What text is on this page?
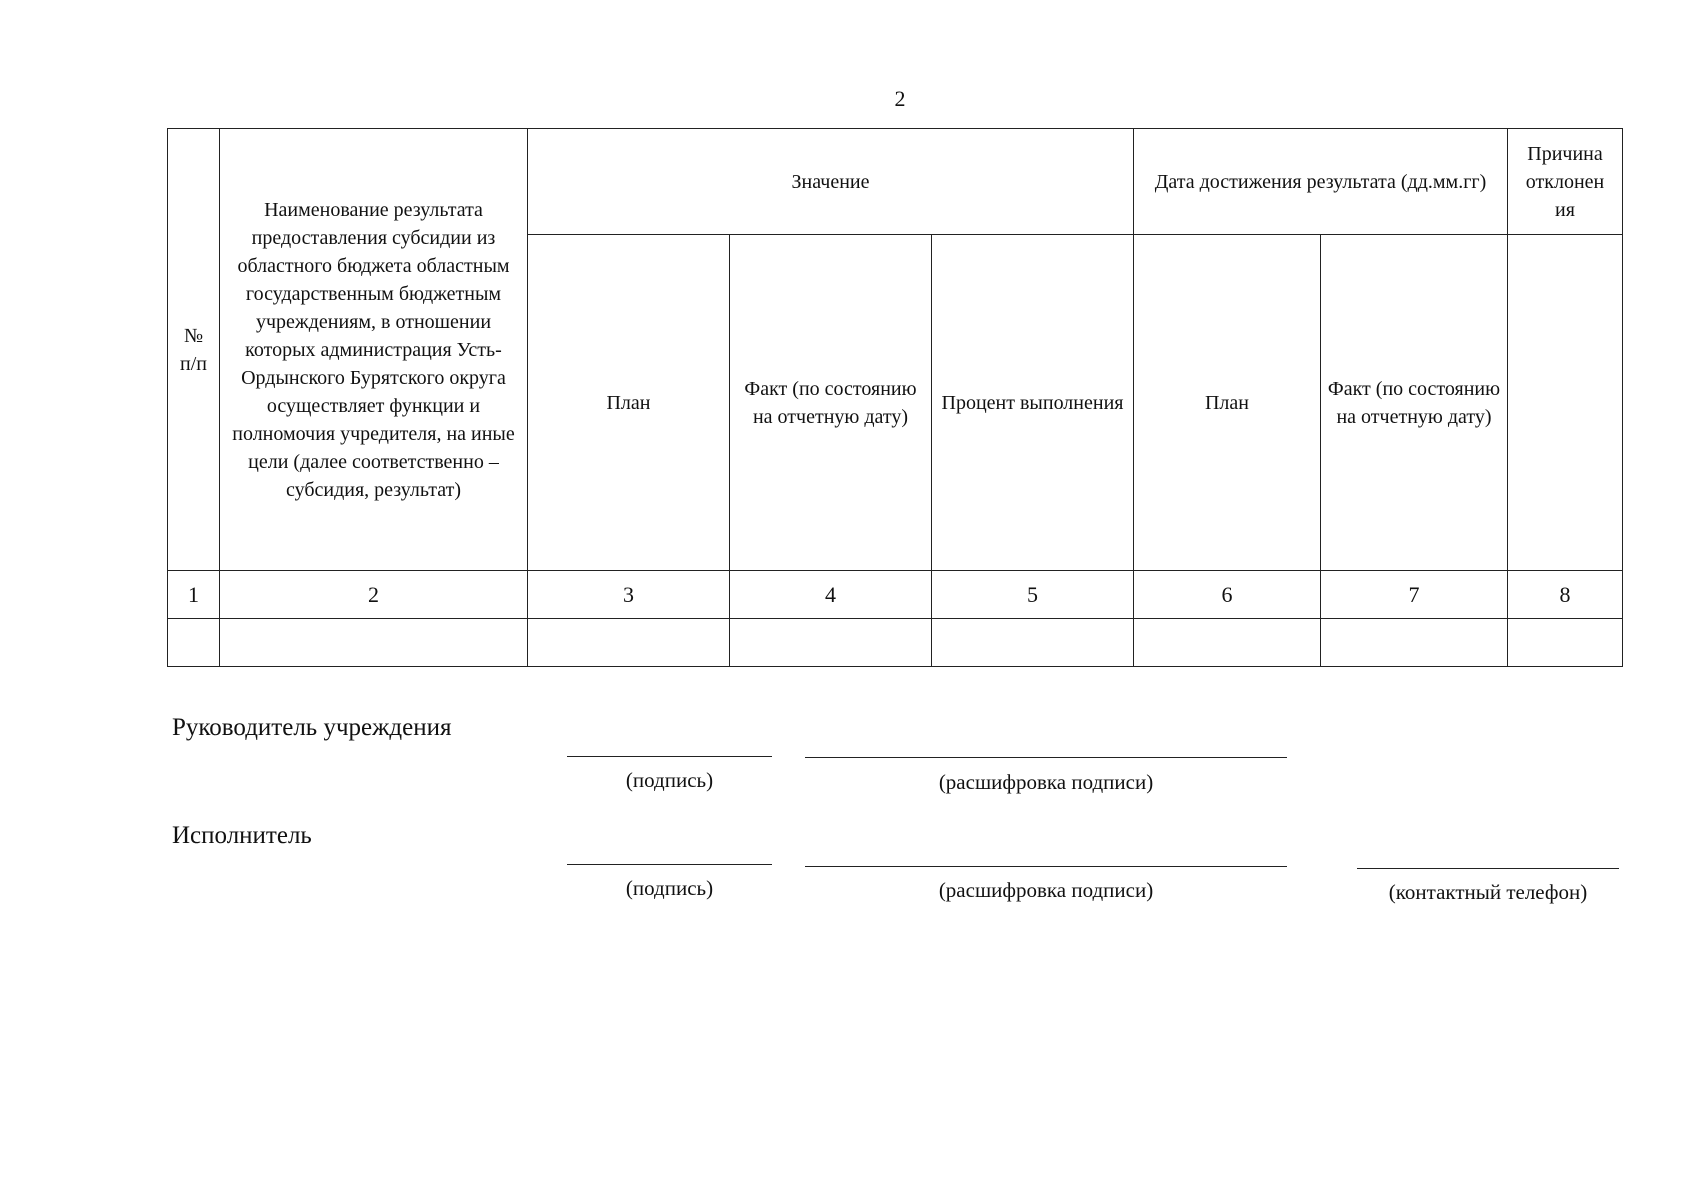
2
№ п/п	Наименование результата предоставления субсидии из областного бюджета областным государственным бюджетным учреждениям, в отношении которых администрация Усть-Ордынского Бурятского округа осуществляет функции и полномочия учредителя, на иные цели (далее соответственно – субсидия, результат)	Значение			Дата достижения результата (дд.мм.гг)		Причина отклонен ия
		План	Факт (по состоянию на отчетную дату)	Процент выполнения	План	Факт (по состоянию на отчетную дату)	
1	2	3	4	5	6	7	8

Руководитель учреждения
(подпись)	(расшифровка подписи)
Исполнитель
(подпись)	(расшифровка подписи)	(контактный телефон)
